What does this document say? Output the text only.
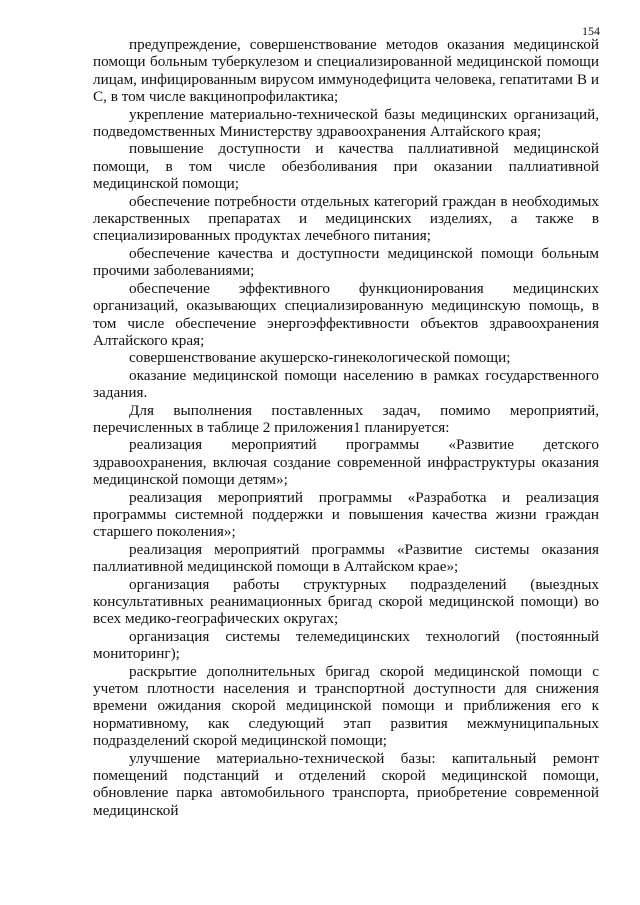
154

предупреждение, совершенствование методов оказания медицинской помощи больным туберкулезом и специализированной медицинской помощи лицам, инфицированным вирусом иммунодефицита человека, гепатитами В и С, в том числе вакцинопрофилактика;

укрепление материально-технической базы медицинских организаций, подведомственных Министерству здравоохранения Алтайского края;

повышение доступности и качества паллиативной медицинской помощи, в том числе обезболивания при оказании паллиативной медицинской помощи;

обеспечение потребности отдельных категорий граждан в необходимых лекарственных препаратах и медицинских изделиях, а также в специализированных продуктах лечебного питания;

обеспечение качества и доступности медицинской помощи больным прочими заболеваниями;

обеспечение эффективного функционирования медицинских организаций, оказывающих специализированную медицинскую помощь, в том числе обеспечение энергоэффективности объектов здравоохранения Алтайского края;

совершенствование акушерско-гинекологической помощи;

оказание медицинской помощи населению в рамках государственного задания.

Для выполнения поставленных задач, помимо мероприятий, перечисленных в таблице 2 приложения1 планируется:

реализация мероприятий программы «Развитие детского здравоохранения, включая создание современной инфраструктуры оказания медицинской помощи детям»;

реализация мероприятий программы «Разработка и реализация программы системной поддержки и повышения качества жизни граждан старшего поколения»;

реализация мероприятий программы «Развитие системы оказания паллиативной медицинской помощи в Алтайском крае»;

организация работы структурных подразделений (выездных консультативных реанимационных бригад скорой медицинской помощи) во всех медико-географических округах;

организация системы телемедицинских технологий (постоянный мониторинг);

раскрытие дополнительных бригад скорой медицинской помощи с учетом плотности населения и транспортной доступности для снижения времени ожидания скорой медицинской помощи и приближения его к нормативному, как следующий этап развития межмуниципальных подразделений скорой медицинской помощи;

улучшение материально-технической базы: капитальный ремонт помещений подстанций и отделений скорой медицинской помощи, обновление парка автомобильного транспорта, приобретение современной медицинской
